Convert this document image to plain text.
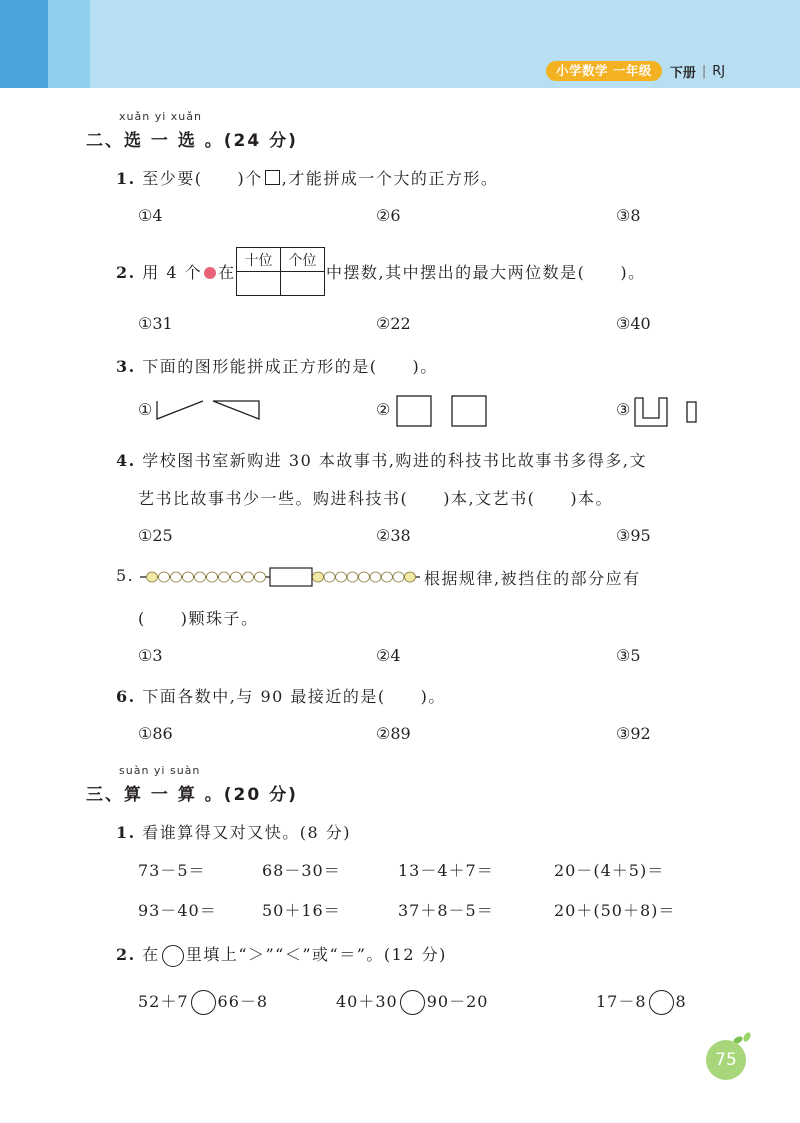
小学数学 一年级	下册 | RJ
xuǎn yi xuǎn
二、选 一 选 。(24 分)
1. 至少要(　　)个 ,才能拼成一个大的正方形。
①4	②6	③8
2. 用 4 个 在
十位	个位

中摆数,其中摆出的最大两位数是(　　)。
①31	②22	③40
3. 下面的图形能拼成正方形的是(　　)。
①	②	③
4. 学校图书室新购进 30 本故事书,购进的科技书比故事书多得多,文
艺书比故事书少一些。购进科技书(　　)本,文艺书(　　)本。
①25	②38	③95
5.	根据规律,被挡住的部分应有
(　　)颗珠子。
①3	②4	③5
6. 下面各数中,与 90 最接近的是(　　)。
①86	②89	③92
suàn yi suàn
三、算 一 算 。(20 分)
1. 看谁算得又对又快。(8 分)
73－5＝	68－30＝	13－4＋7＝	20－(4＋5)＝
93－40＝	50＋16＝	37＋8－5＝	20＋(50＋8)＝
2. 在 里填上“＞”“＜”或“＝”。(12 分)
52＋7 66－8	40＋30 90－20	17－8 8
75
